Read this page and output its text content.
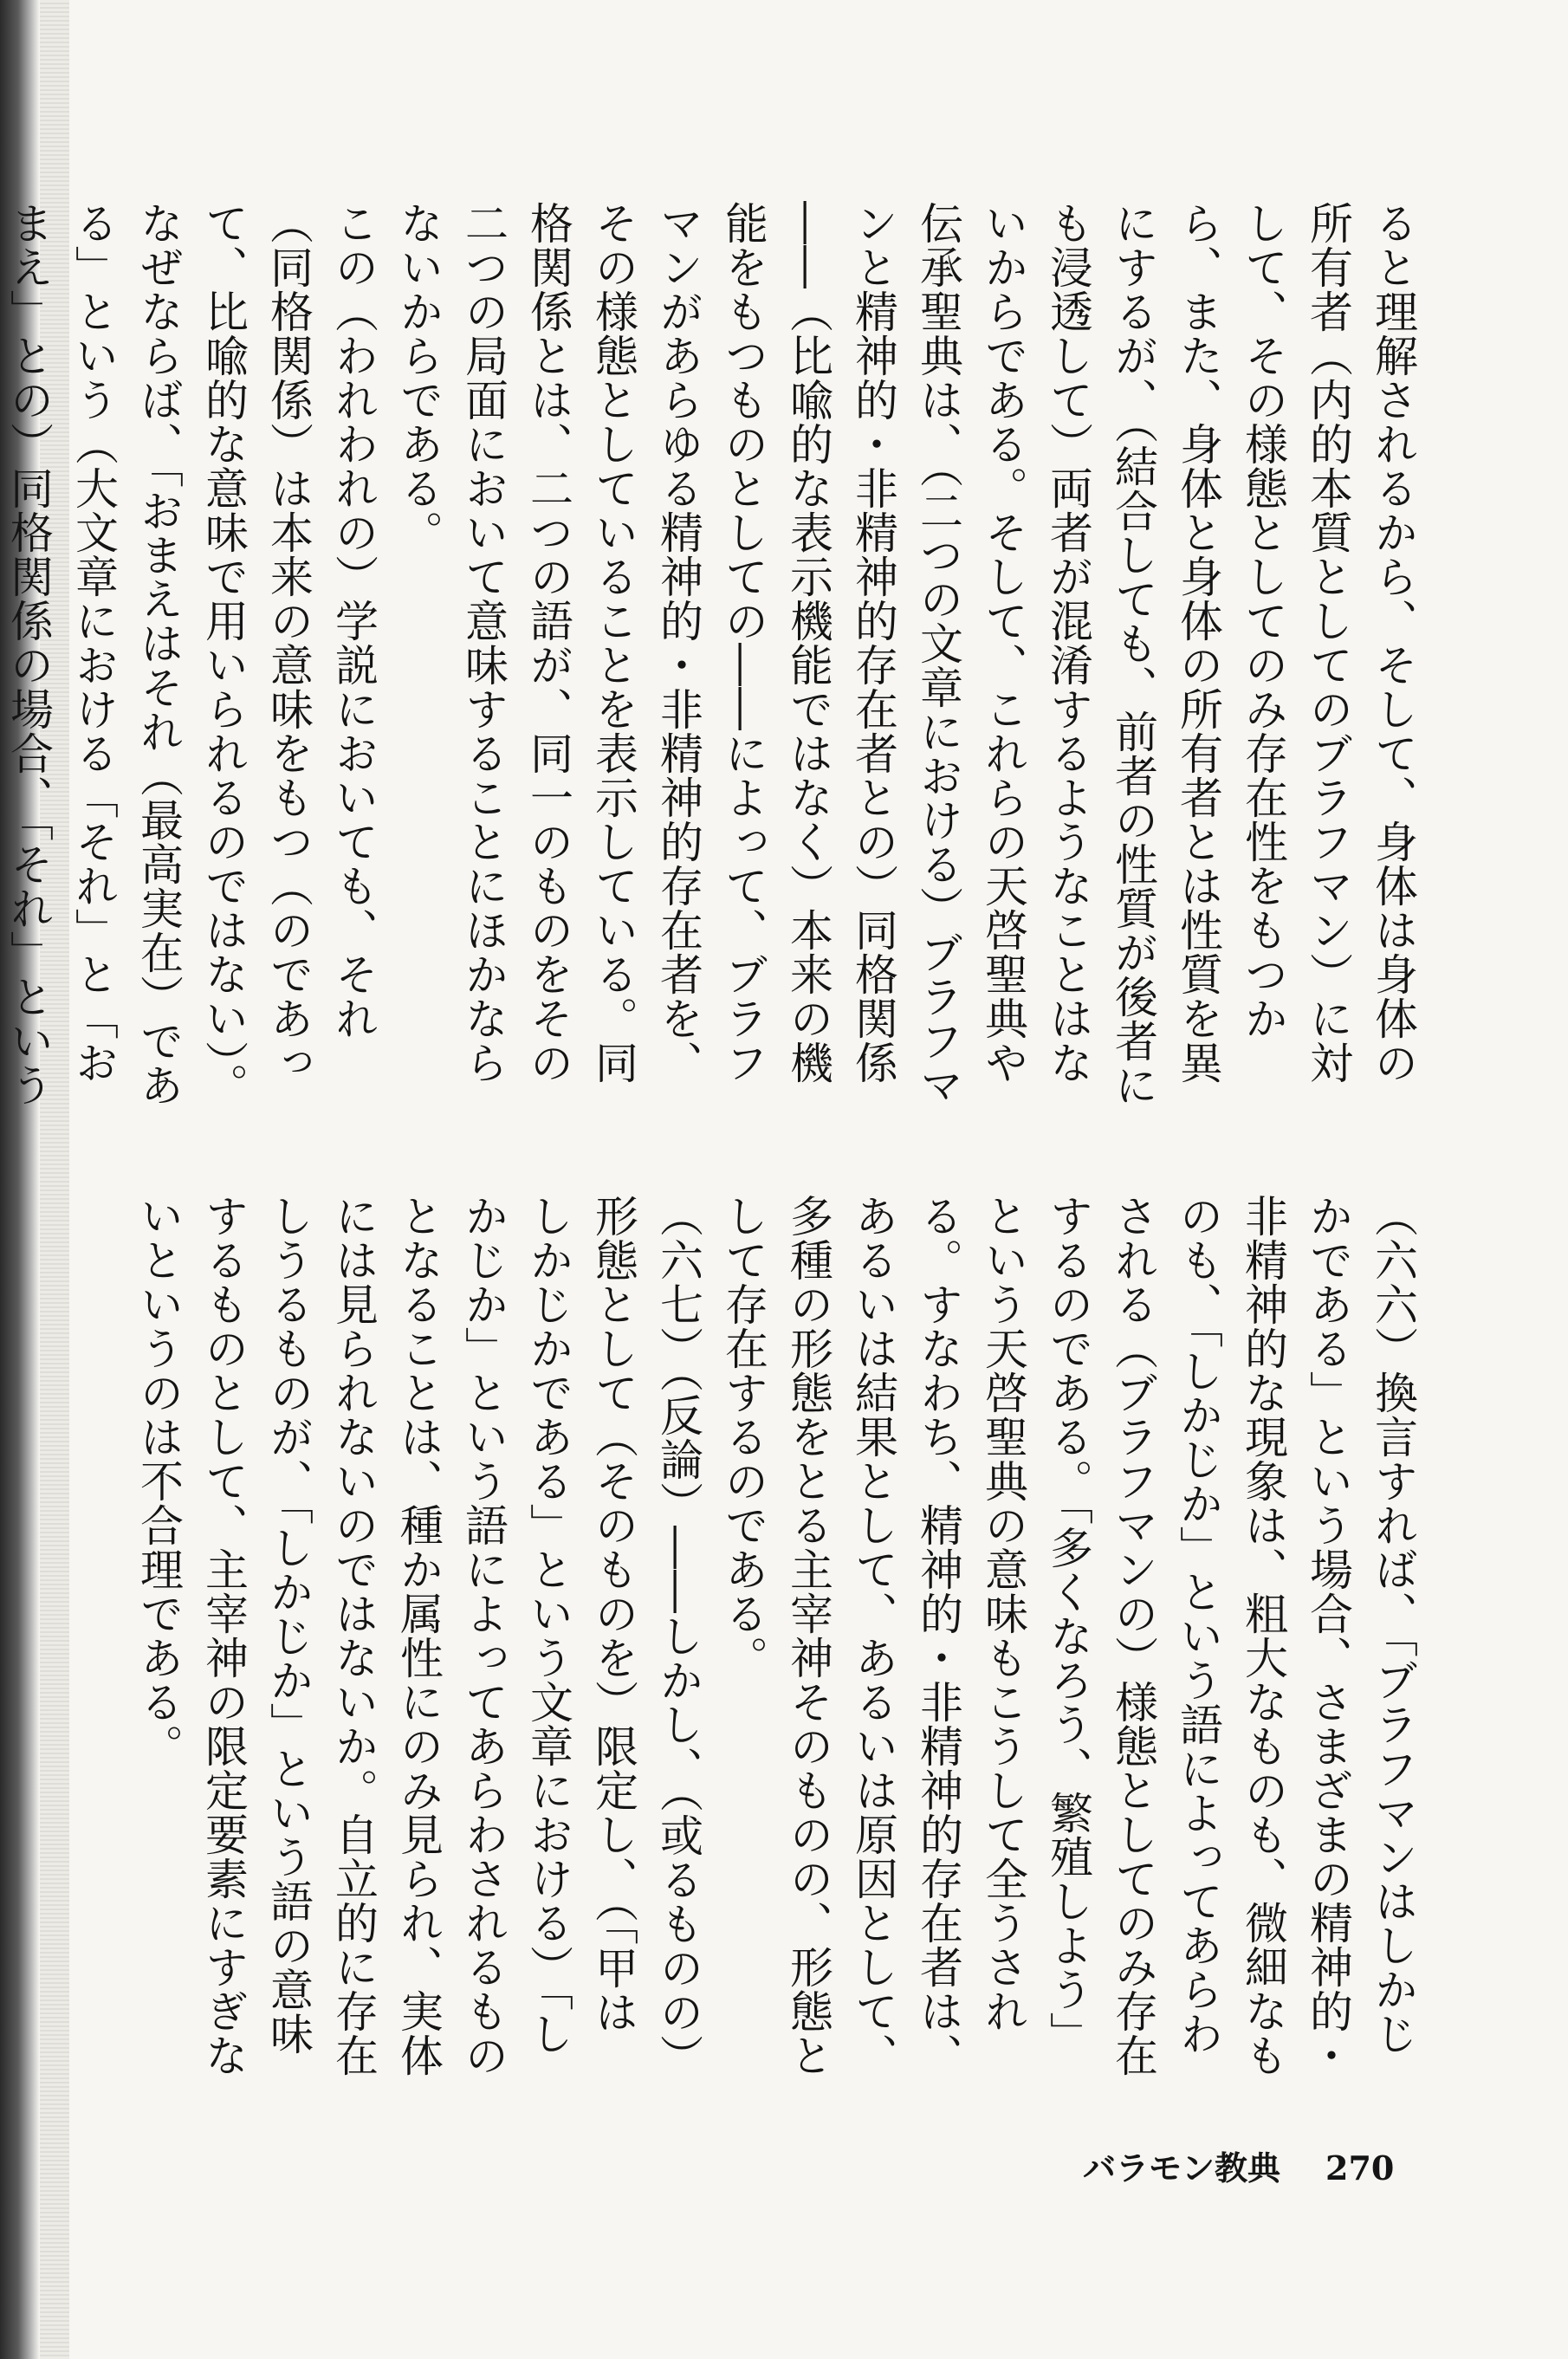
ると理解されるから、そして、身体は身体の所有者（内的本質としてのブラフマン）に対して、その様態としてのみ存在性をもつから、また、身体と身体の所有者とは性質を異にするが、（結合しても、前者の性質が後者にも浸透して）両者が混淆するようなことはないからである。そして、これらの天啓聖典や伝承聖典は、（二つの文章における）ブラフマンと精神的・非精神的存在者との）同格関係――（比喩的な表示機能ではなく）本来の機能をもつものとしての――によって、ブラフマンがあらゆる精神的・非精神的存在者を、その様態としていることを表示している。同格関係とは、二つの語が、同一のものをその二つの局面において意味することにほかならないからである。

この（われわれの）学説においても、それ（同格関係）は本来の意味をもつ（のであって、比喩的な意味で用いられるのではない）。なぜならば、「おまえはそれ（最高実在）である」という（大文章における「それ」と「おまえ」との）同格関係の場合、「それ」という

（六六）換言すれば、「ブラフマンはしかじかである」という場合、さまざまの精神的・非精神的な現象は、粗大なものも、微細なものも、「しかじか」という語によってあらわされる（ブラフマンの）様態としてのみ存在するのである。「多くなろう、繁殖しよう」という天啓聖典の意味もこうして全うされる。すなわち、精神的・非精神的存在者は、あるいは結果として、あるいは原因として、多種の形態をとる主宰神そのものの、形態として存在するのである。

（六七）（反論）――しかし、（或るものの）形態として（そのものを）限定し、（「甲はしかじかである」という文章における）「しかじか」という語によってあらわされるものとなることは、種か属性にのみ見られ、実体には見られないのではないか。自立的に存在しうるものが、「しかじか」という語の意味するものとして、主宰神の限定要素にすぎないというのは不合理である。

バラモン教典 270
